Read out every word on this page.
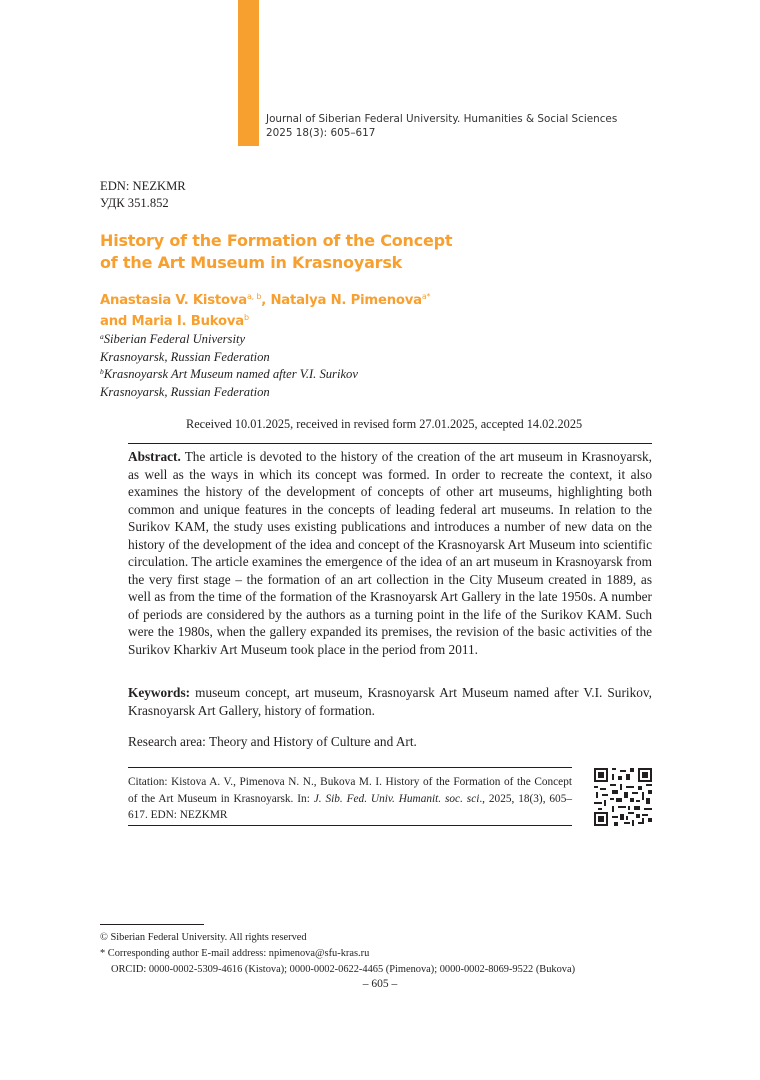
Journal of Siberian Federal University. Humanities & Social Sciences
2025 18(3): 605–617
EDN: NEZKMR
УДК 351.852
History of the Formation of the Concept
of the Art Museum in Krasnoyarsk
Anastasia V. Kistova$^{a, b}$, Natalya N. Pimenova$^{a*}$
and Maria I. Bukova$^b$
$^a$Siberian Federal University
Krasnoyarsk, Russian Federation
$^b$Krasnoyarsk Art Museum named after V.I. Surikov
Krasnoyarsk, Russian Federation
Received 10.01.2025, received in revised form 27.01.2025, accepted 14.02.2025

Abstract. The article is devoted to the history of the creation of the art museum in Krasnoyarsk, as well as the ways in which its concept was formed. In order to recreate the context, it also examines the history of the development of concepts of other art museums, highlighting both common and unique features in the concepts of leading federal art museums. In relation to the Surikov KAM, the study uses existing publications and introduces a number of new data on the history of the development of the idea and concept of the Krasnoyarsk Art Museum into scientific circulation. The article examines the emergence of the idea of an art museum in Krasnoyarsk from the very first stage – the formation of an art collection in the City Museum created in 1889, as well as from the time of the formation of the Krasnoyarsk Art Gallery in the late 1950s. A number of periods are considered by the authors as a turning point in the life of the Surikov KAM. Such were the 1980s, when the gallery expanded its premises, the revision of the basic activities of the Surikov Kharkiv Art Museum took place in the period from 2011.

Keywords: museum concept, art museum, Krasnoyarsk Art Museum named after V.I. Surikov, Krasnoyarsk Art Gallery, history of formation.

Research area: Theory and History of Culture and Art.

Citation: Kistova A. V., Pimenova N. N., Bukova M. I. History of the Formation of the Concept of the Art Museum in Krasnoyarsk. In: J. Sib. Fed. Univ. Humanit. soc. sci., 2025, 18(3), 605–617. EDN: NEZKMR

© Siberian Federal University. All rights reserved
* Corresponding author E-mail address: npimenova@sfu-kras.ru
ORCID: 0000-0002-5309-4616 (Kistova); 0000-0002-0622-4465 (Pimenova); 0000-0002-8069-9522 (Bukova)
– 605 –
